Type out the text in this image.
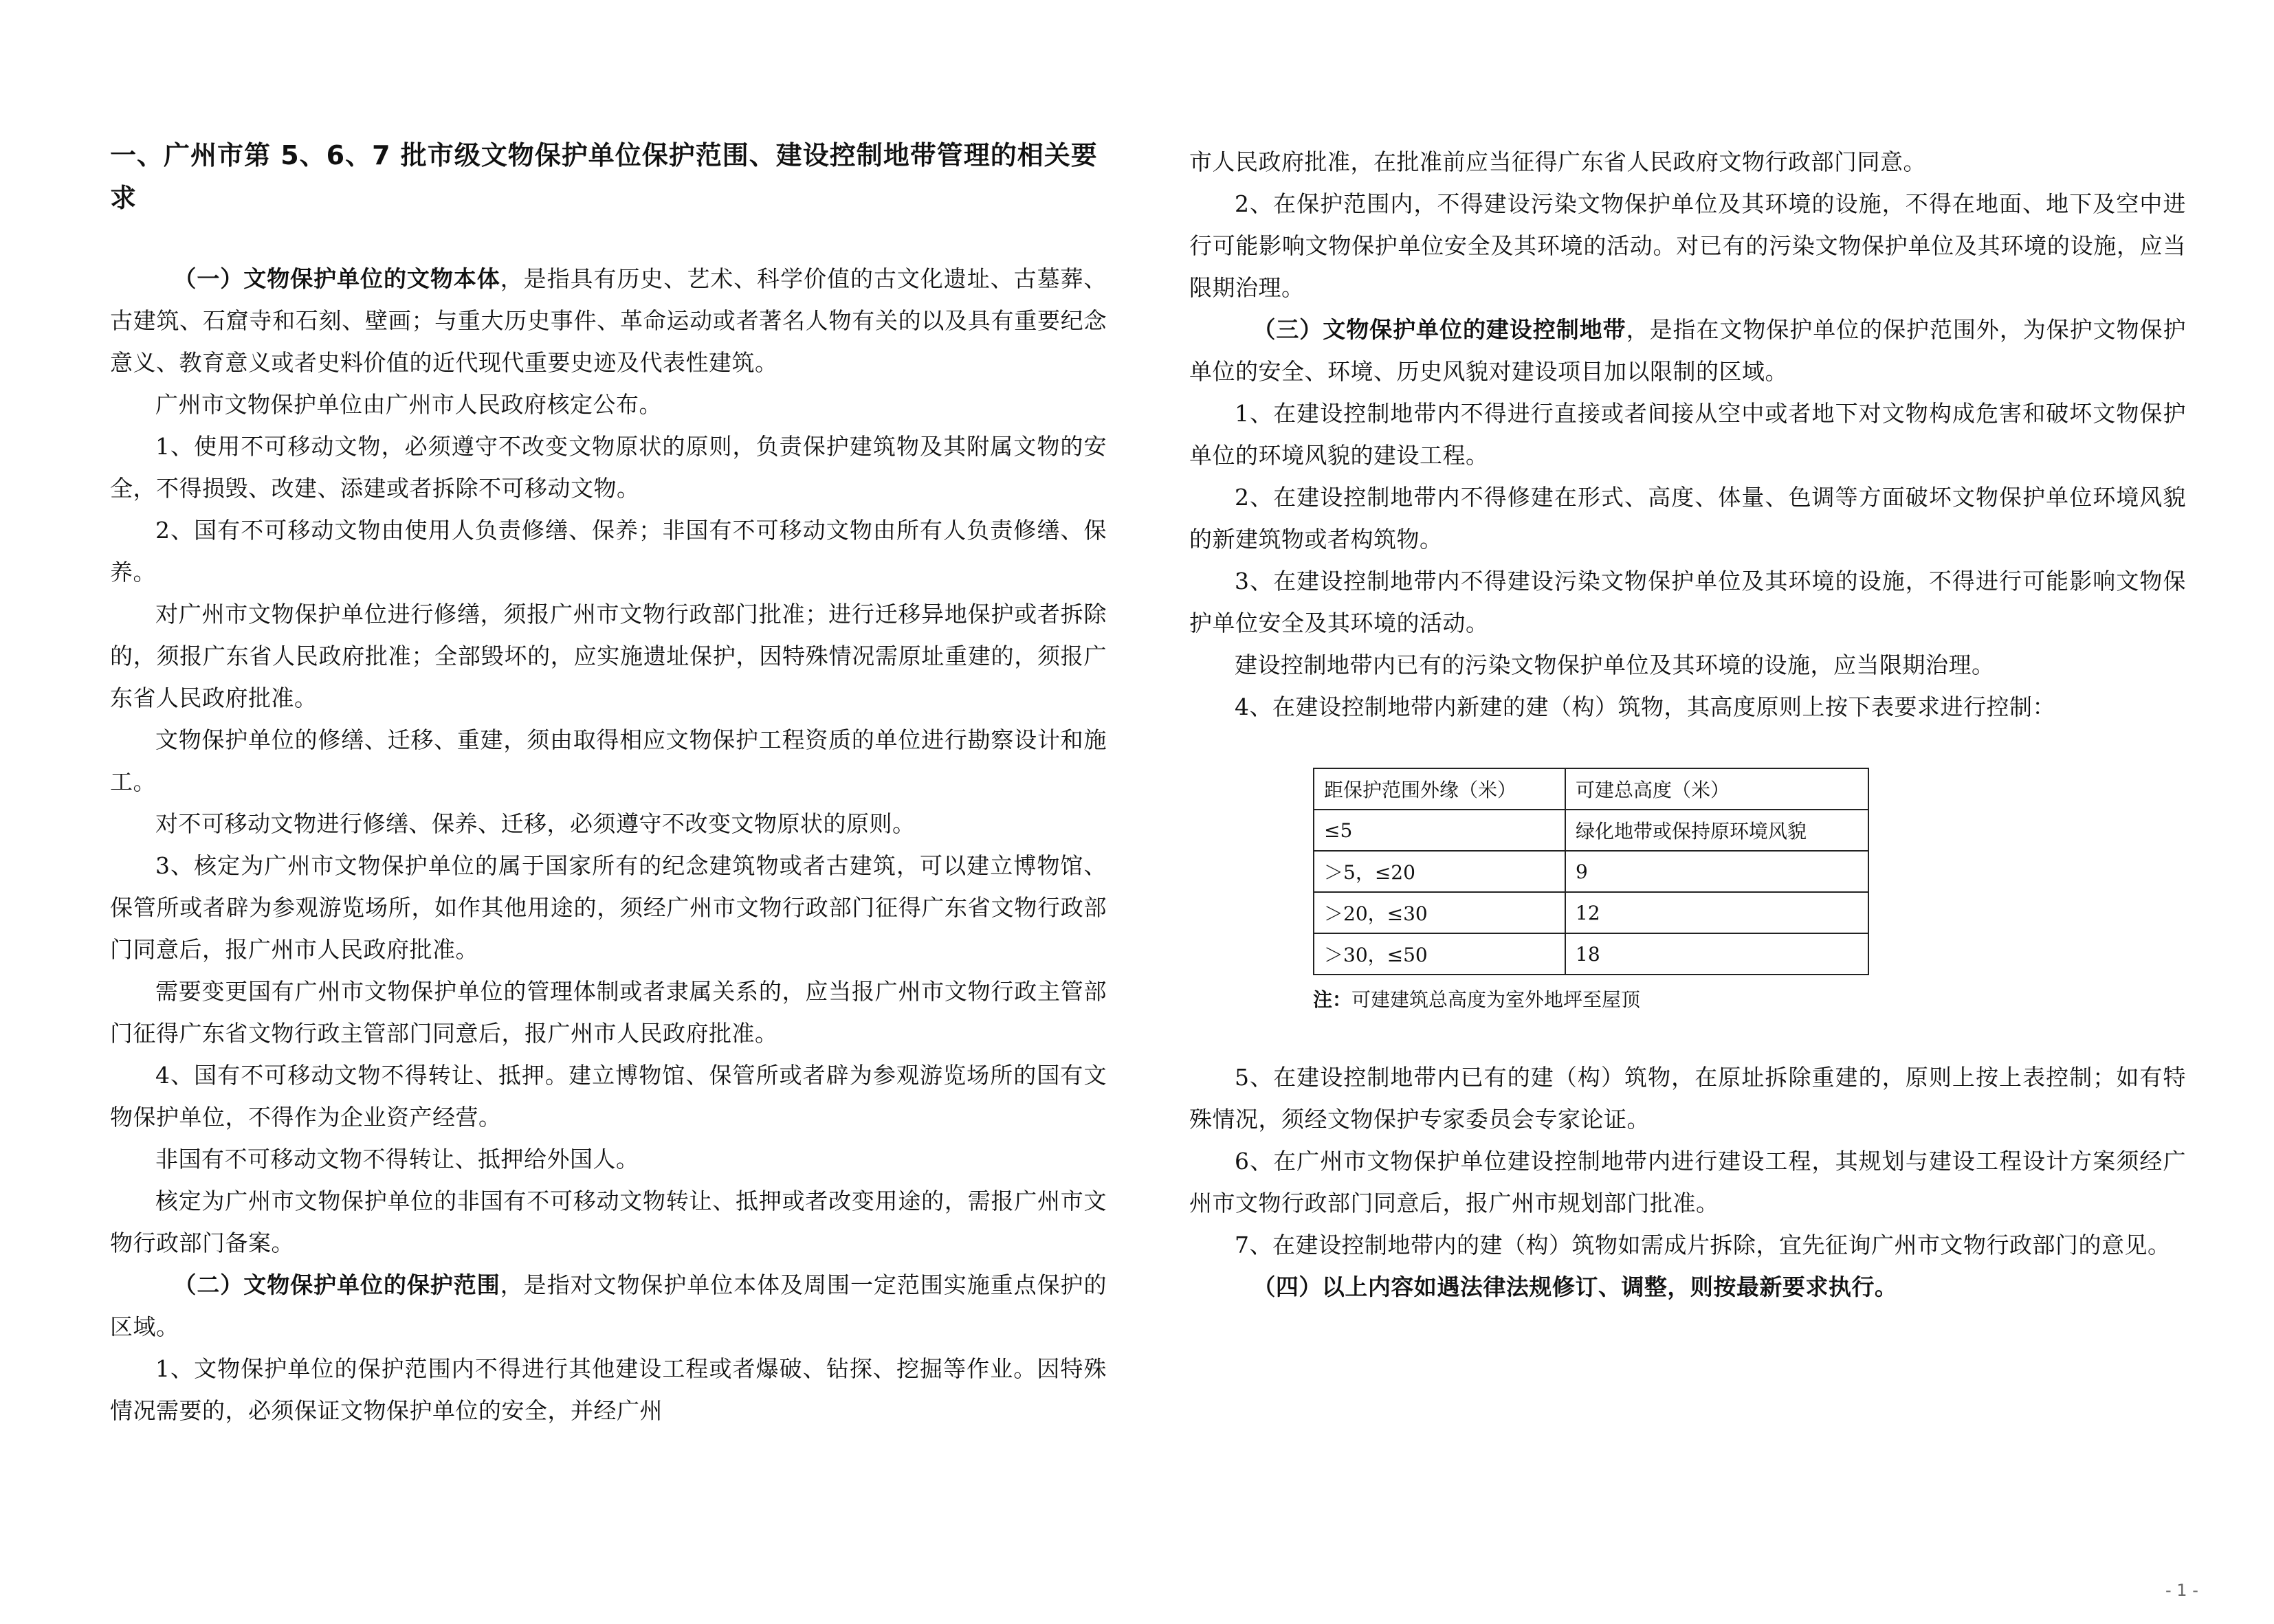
一、广州市第 5、6、7 批市级文物保护单位保护范围、建设控制地带管理的相关要求

（一）文物保护单位的文物本体，是指具有历史、艺术、科学价值的古文化遗址、古墓葬、古建筑、石窟寺和石刻、壁画；与重大历史事件、革命运动或者著名人物有关的以及具有重要纪念意义、教育意义或者史料价值的近代现代重要史迹及代表性建筑。

广州市文物保护单位由广州市人民政府核定公布。

1、使用不可移动文物，必须遵守不改变文物原状的原则，负责保护建筑物及其附属文物的安全，不得损毁、改建、添建或者拆除不可移动文物。

2、国有不可移动文物由使用人负责修缮、保养；非国有不可移动文物由所有人负责修缮、保养。

对广州市文物保护单位进行修缮，须报广州市文物行政部门批准；进行迁移异地保护或者拆除的，须报广东省人民政府批准；全部毁坏的，应实施遗址保护，因特殊情况需原址重建的，须报广东省人民政府批准。

文物保护单位的修缮、迁移、重建，须由取得相应文物保护工程资质的单位进行勘察设计和施工。

对不可移动文物进行修缮、保养、迁移，必须遵守不改变文物原状的原则。

3、核定为广州市文物保护单位的属于国家所有的纪念建筑物或者古建筑，可以建立博物馆、保管所或者辟为参观游览场所，如作其他用途的，须经广州市文物行政部门征得广东省文物行政部门同意后，报广州市人民政府批准。

需要变更国有广州市文物保护单位的管理体制或者隶属关系的，应当报广州市文物行政主管部门征得广东省文物行政主管部门同意后，报广州市人民政府批准。

4、国有不可移动文物不得转让、抵押。建立博物馆、保管所或者辟为参观游览场所的国有文物保护单位，不得作为企业资产经营。

非国有不可移动文物不得转让、抵押给外国人。

核定为广州市文物保护单位的非国有不可移动文物转让、抵押或者改变用途的，需报广州市文物行政部门备案。

（二）文物保护单位的保护范围，是指对文物保护单位本体及周围一定范围实施重点保护的区域。

1、文物保护单位的保护范围内不得进行其他建设工程或者爆破、钻探、挖掘等作业。因特殊情况需要的，必须保证文物保护单位的安全，并经广州

市人民政府批准，在批准前应当征得广东省人民政府文物行政部门同意。

2、在保护范围内，不得建设污染文物保护单位及其环境的设施，不得在地面、地下及空中进行可能影响文物保护单位安全及其环境的活动。对已有的污染文物保护单位及其环境的设施，应当限期治理。

（三）文物保护单位的建设控制地带，是指在文物保护单位的保护范围外，为保护文物保护单位的安全、环境、历史风貌对建设项目加以限制的区域。

1、在建设控制地带内不得进行直接或者间接从空中或者地下对文物构成危害和破坏文物保护单位的环境风貌的建设工程。

2、在建设控制地带内不得修建在形式、高度、体量、色调等方面破坏文物保护单位环境风貌的新建筑物或者构筑物。

3、在建设控制地带内不得建设污染文物保护单位及其环境的设施，不得进行可能影响文物保护单位安全及其环境的活动。

建设控制地带内已有的污染文物保护单位及其环境的设施，应当限期治理。

4、在建设控制地带内新建的建（构）筑物，其高度原则上按下表要求进行控制：

距保护范围外缘（米）	可建总高度（米）
≤5	绿化地带或保持原环境风貌
＞5，≤20	9
＞20，≤30	12
＞30，≤50	18
注：可建建筑总高度为室外地坪至屋顶

5、在建设控制地带内已有的建（构）筑物，在原址拆除重建的，原则上按上表控制；如有特殊情况，须经文物保护专家委员会专家论证。

6、在广州市文物保护单位建设控制地带内进行建设工程，其规划与建设工程设计方案须经广州市文物行政部门同意后，报广州市规划部门批准。

7、在建设控制地带内的建（构）筑物如需成片拆除，宜先征询广州市文物行政部门的意见。

（四）以上内容如遇法律法规修订、调整，则按最新要求执行。

- 1 -
